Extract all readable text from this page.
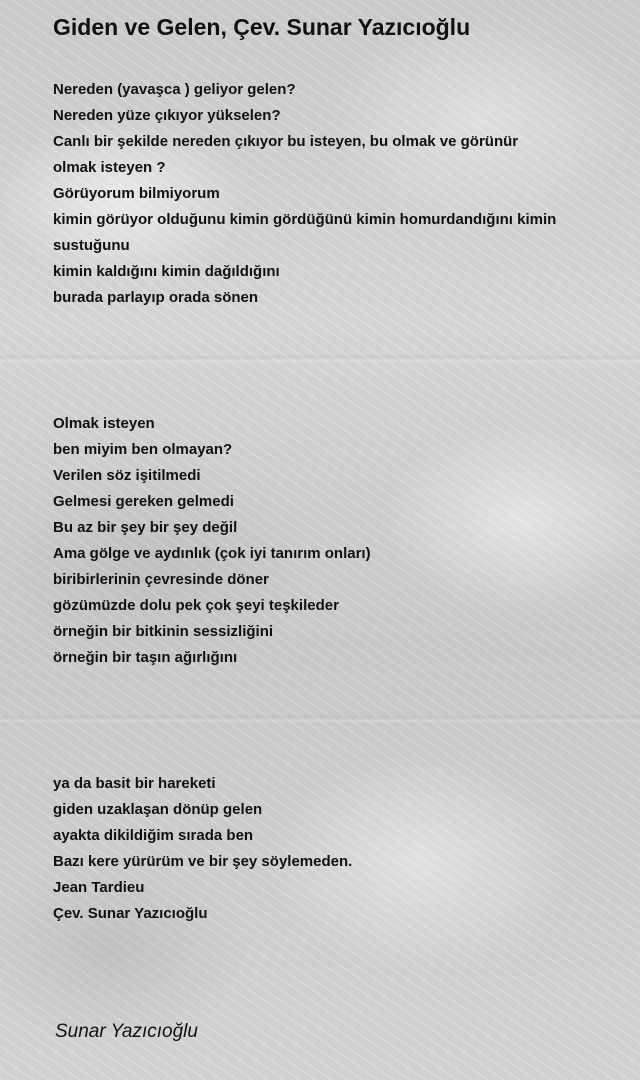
Giden ve Gelen, Çev. Sunar Yazıcıoğlu
Nereden (yavaşca ) geliyor gelen?
Nereden yüze çıkıyor yükselen?
Canlı bir şekilde nereden çıkıyor bu isteyen, bu olmak ve görünür
olmak isteyen ?
Görüyorum bilmiyorum
kimin görüyor olduğunu kimin gördüğünü kimin homurdandığını kimin
sustuğunu
kimin kaldığını kimin dağıldığını
burada parlayıp orada sönen
Olmak isteyen
ben miyim ben olmayan?
Verilen söz işitilmedi
Gelmesi gereken gelmedi
Bu az bir şey bir şey değil
Ama gölge ve aydınlık (çok iyi tanırım onları)
biribirlerinin çevresinde döner
gözümüzde dolu pek çok şeyi teşkileder
örneğin bir bitkinin sessizliğini
örneğin bir taşın ağırlığını
ya da basit bir hareketi
giden uzaklaşan dönüp gelen
ayakta dikildiğim sırada ben
Bazı kere yürürüm ve bir şey söylemeden.
Jean Tardieu
Çev. Sunar Yazıcıoğlu
Sunar Yazıcıoğlu
